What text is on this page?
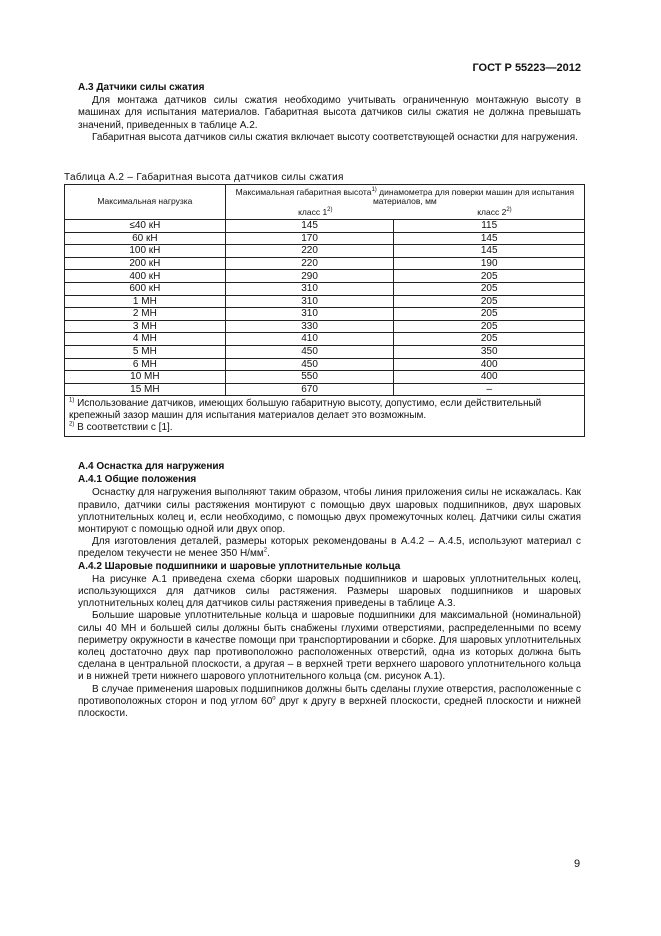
ГОСТ Р 55223—2012
А.3 Датчики силы сжатия

Для монтажа датчиков силы сжатия необходимо учитывать ограниченную монтажную высоту в машинах для испытания материалов. Габаритная высота датчиков силы сжатия не должна превышать значений, приведенных в таблице А.2.

Габаритная высота датчиков силы сжатия включает высоту соответствующей оснастки для нагружения.

Таблица А.2 – Габаритная высота датчиков силы сжатия
Максимальная нагрузка	Максимальная габаритная высота$^{1)}$ динамометра для поверки машин для испытания материалов, мм
класс 1$^{2)}$ класс 2$^{2)}$

≤40 кН	145	115
60 кН	170	145
100 кН	220	145
200 кН	220	190
400 кН	290	205
600 кН	310	205
1 МН	310	205
2 МН	310	205
3 МН	330	205
4 МН	410	205
5 МН	450	350
6 МН	450	400
10 МН	550	400
15 МН	670	–

$^{1)}$ Использование датчиков, имеющих большую габаритную высоту, допустимо, если действительный крепежный зазор машин для испытания материалов делает это возможным.
$^{2)}$ В соответствии с [1].		
А.4 Оснастка для нагружения
А.4.1 Общие положения

Оснастку для нагружения выполняют таким образом, чтобы линия приложения силы не искажалась. Как правило, датчики силы растяжения монтируют с помощью двух шаровых подшипников, двух шаровых уплотнительных колец и, если необходимо, с помощью двух промежуточных колец. Датчики силы сжатия монтируют с помощью одной или двух опор.

Для изготовления деталей, размеры которых рекомендованы в А.4.2 – А.4.5, используют материал с пределом текучести не менее 350 $Н/мм^2$.

А.4.2 Шаровые подшипники и шаровые уплотнительные кольца

На рисунке А.1 приведена схема сборки шаровых подшипников и шаровых уплотнительных колец, использующихся для датчиков силы растяжения. Размеры шаровых подшипников и шаровых уплотнительных колец для датчиков силы растяжения приведены в таблице А.3.

Большие шаровые уплотнительные кольца и шаровые подшипники для максимальной (номинальной) силы 40 МН и большей силы должны быть снабжены глухими отверстиями, распределенными по всему периметру окружности в качестве помощи при транспортировании и сборке. Для шаровых уплотнительных колец достаточно двух пар противоположно расположенных отверстий, одна из которых должна быть сделана в центральной плоскости, а другая – в верхней трети верхнего шарового уплотнительного кольца и в нижней трети нижнего шарового уплотнительного кольца (см. рисунок А.1).

В случае применения шаровых подшипников должны быть сделаны глухие отверстия, расположенные с противоположных сторон и под углом $60^о$ друг к другу в верхней плоскости, средней плоскости и нижней плоскости.

9
